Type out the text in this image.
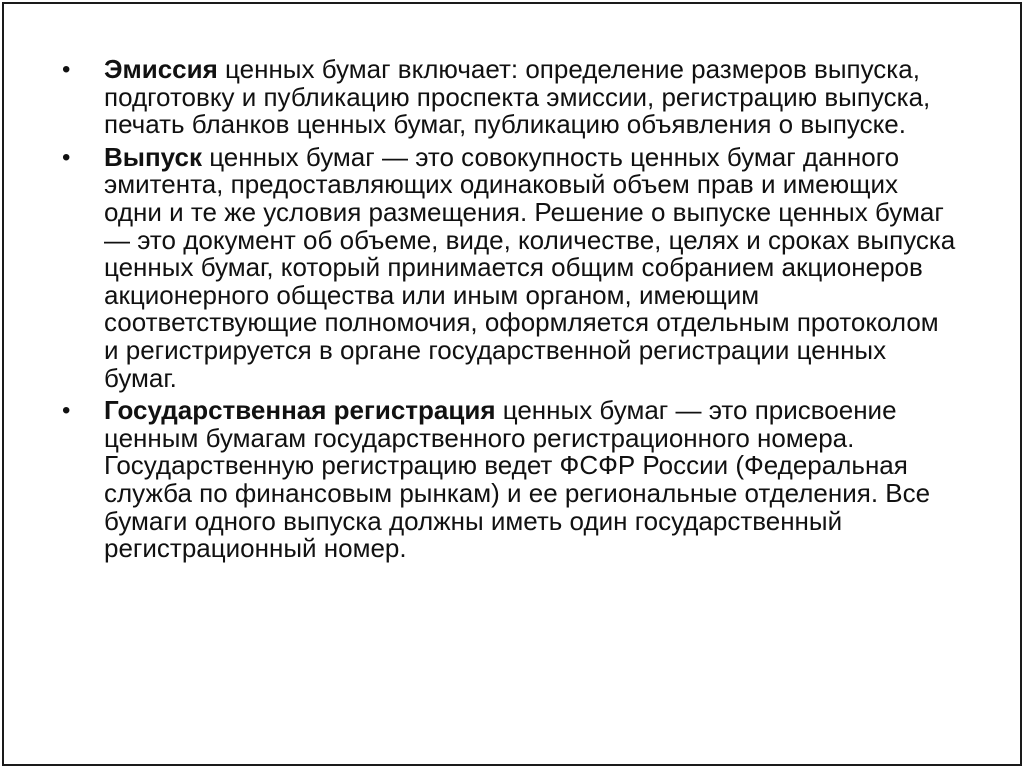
• Эмиссия ценных бумаг включает: определение размеров выпуска, подготовку и публикацию проспекта эмиссии, регистрацию выпуска, печать бланков ценных бумаг, публикацию объявления о выпуске.
• Выпуск ценных бумаг — это совокупность ценных бумаг данного эмитента, предоставляющих одинаковый объем прав и имеющих одни и те же условия размещения. Решение о выпуске ценных бумаг — это документ об объеме, виде, количестве, целях и сроках выпуска ценных бумаг, который принимается общим собранием акционеров акционерного общества или иным органом, имеющим соответствующие полномочия, оформляется отдельным протоколом и регистрируется в органе государственной регистрации ценных бумаг.
• Государственная регистрация ценных бумаг — это присвоение ценным бумагам государственного регистрационного номера. Государственную регистрацию ведет ФСФР России (Федеральная служба по финансовым рынкам) и ее региональные отделения. Все бумаги одного выпуска должны иметь один государственный регистрационный номер.
